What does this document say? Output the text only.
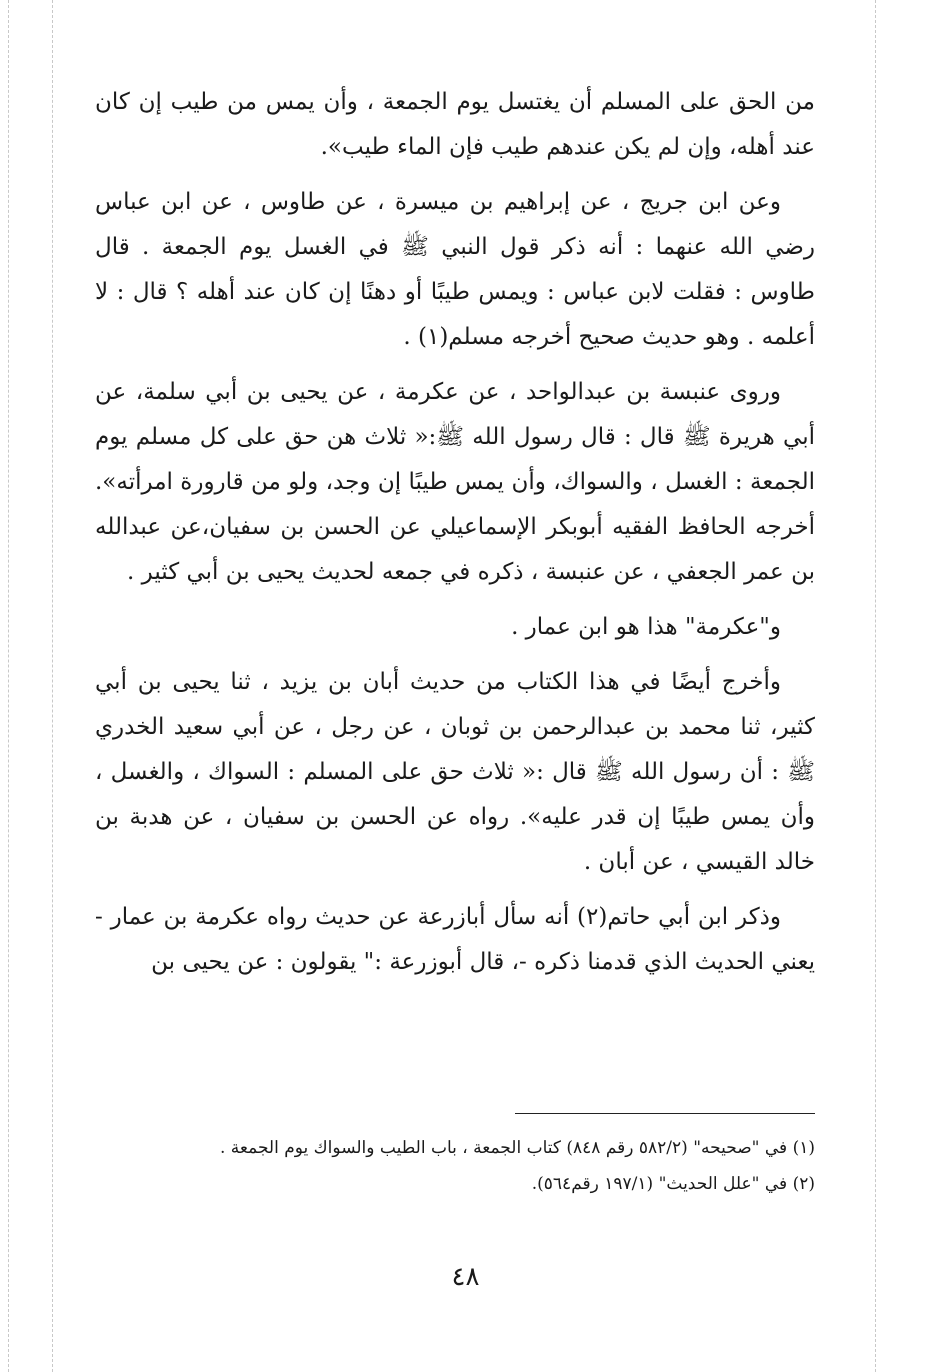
من الحق على المسلم أن يغتسل يوم الجمعة ، وأن يمس من طيب إن كان عند أهله، وإن لم يكن عندهم طيب فإن الماء طيب».

وعن ابن جريج ، عن إبراهيم بن ميسرة ، عن طاوس ، عن ابن عباس رضي الله عنهما : أنه ذكر قول النبي ﷺ في الغسل يوم الجمعة . قال طاوس : فقلت لابن عباس : ويمس طيبًا أو دهنًا إن كان عند أهله ؟ قال : لا أعلمه . وهو حديث صحيح أخرجه مسلم(١) .

وروى عنبسة بن عبدالواحد ، عن عكرمة ، عن يحيى بن أبي سلمة، عن أبي هريرة ﷺ قال : قال رسول الله ﷺ:« ثلاث هن حق على كل مسلم يوم الجمعة : الغسل ، والسواك، وأن يمس طيبًا إن وجد، ولو من قارورة امرأته». أخرجه الحافظ الفقيه أبوبكر الإسماعيلي عن الحسن بن سفيان،عن عبدالله بن عمر الجعفي ، عن عنبسة ، ذكره في جمعه لحديث يحيى بن أبي كثير .

و"عكرمة" هذا هو ابن عمار .

وأخرج أيضًا في هذا الكتاب من حديث أبان بن يزيد ، ثنا يحيى بن أبي كثير، ثنا محمد بن عبدالرحمن بن ثوبان ، عن رجل ، عن أبي سعيد الخدري ﷺ : أن رسول الله ﷺ قال :« ثلاث حق على المسلم : السواك ، والغسل ، وأن يمس طيبًا إن قدر عليه». رواه عن الحسن بن سفيان ، عن هدبة بن خالد القيسي ، عن أبان .

وذكر ابن أبي حاتم(٢) أنه سأل أبازرعة عن حديث رواه عكرمة بن عمار - يعني الحديث الذي قدمنا ذكره -، قال أبوزرعة :" يقولون : عن يحيى بن

(١) في "صحيحه" (٥٨٢/٢ رقم ٨٤٨) كتاب الجمعة ، باب الطيب والسواك يوم الجمعة .
(٢) في "علل الحديث" (١٩٧/١ رقم٥٦٤).
٤٨
